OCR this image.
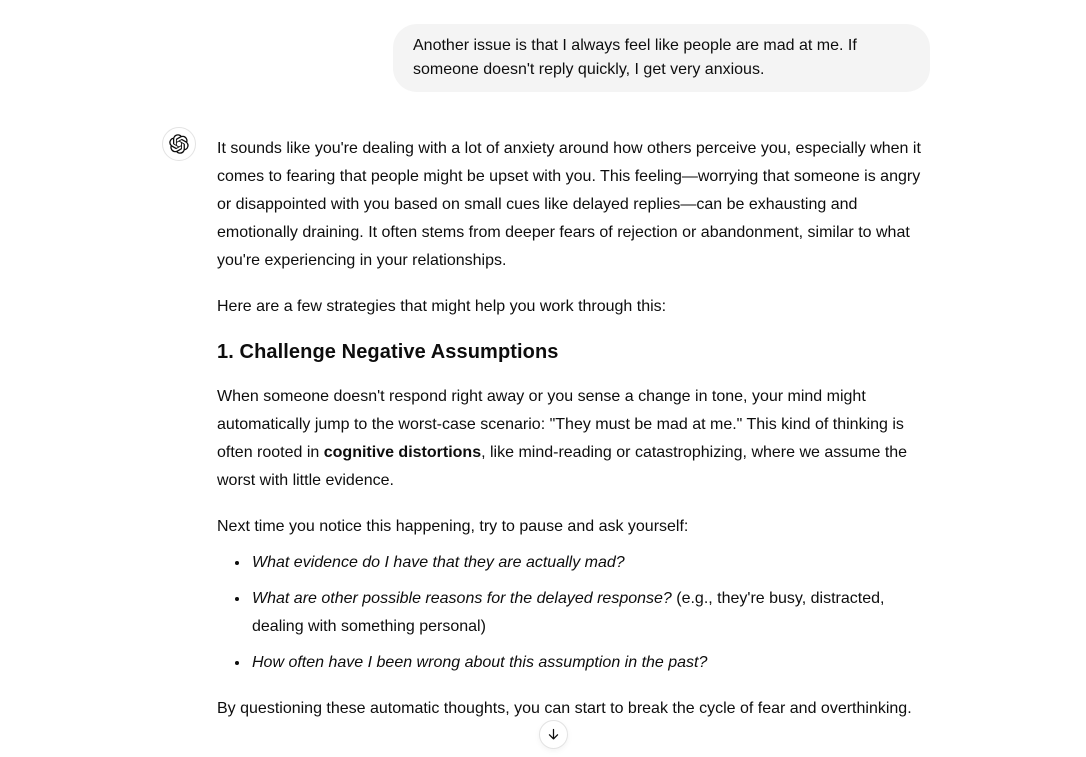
Another issue is that I always feel like people are mad at me. If someone doesn't reply quickly, I get very anxious.

It sounds like you're dealing with a lot of anxiety around how others perceive you, especially when it comes to fearing that people might be upset with you. This feeling—worrying that someone is angry or disappointed with you based on small cues like delayed replies—can be exhausting and emotionally draining. It often stems from deeper fears of rejection or abandonment, similar to what you're experiencing in your relationships.

Here are a few strategies that might help you work through this:

1. Challenge Negative Assumptions

When someone doesn't respond right away or you sense a change in tone, your mind might automatically jump to the worst-case scenario: "They must be mad at me." This kind of thinking is often rooted in cognitive distortions, like mind-reading or catastrophizing, where we assume the worst with little evidence.

Next time you notice this happening, try to pause and ask yourself:

• What evidence do I have that they are actually mad?
• What are other possible reasons for the delayed response? (e.g., they're busy, distracted, dealing with something personal)
• How often have I been wrong about this assumption in the past?

By questioning these automatic thoughts, you can start to break the cycle of fear and overthinking.
